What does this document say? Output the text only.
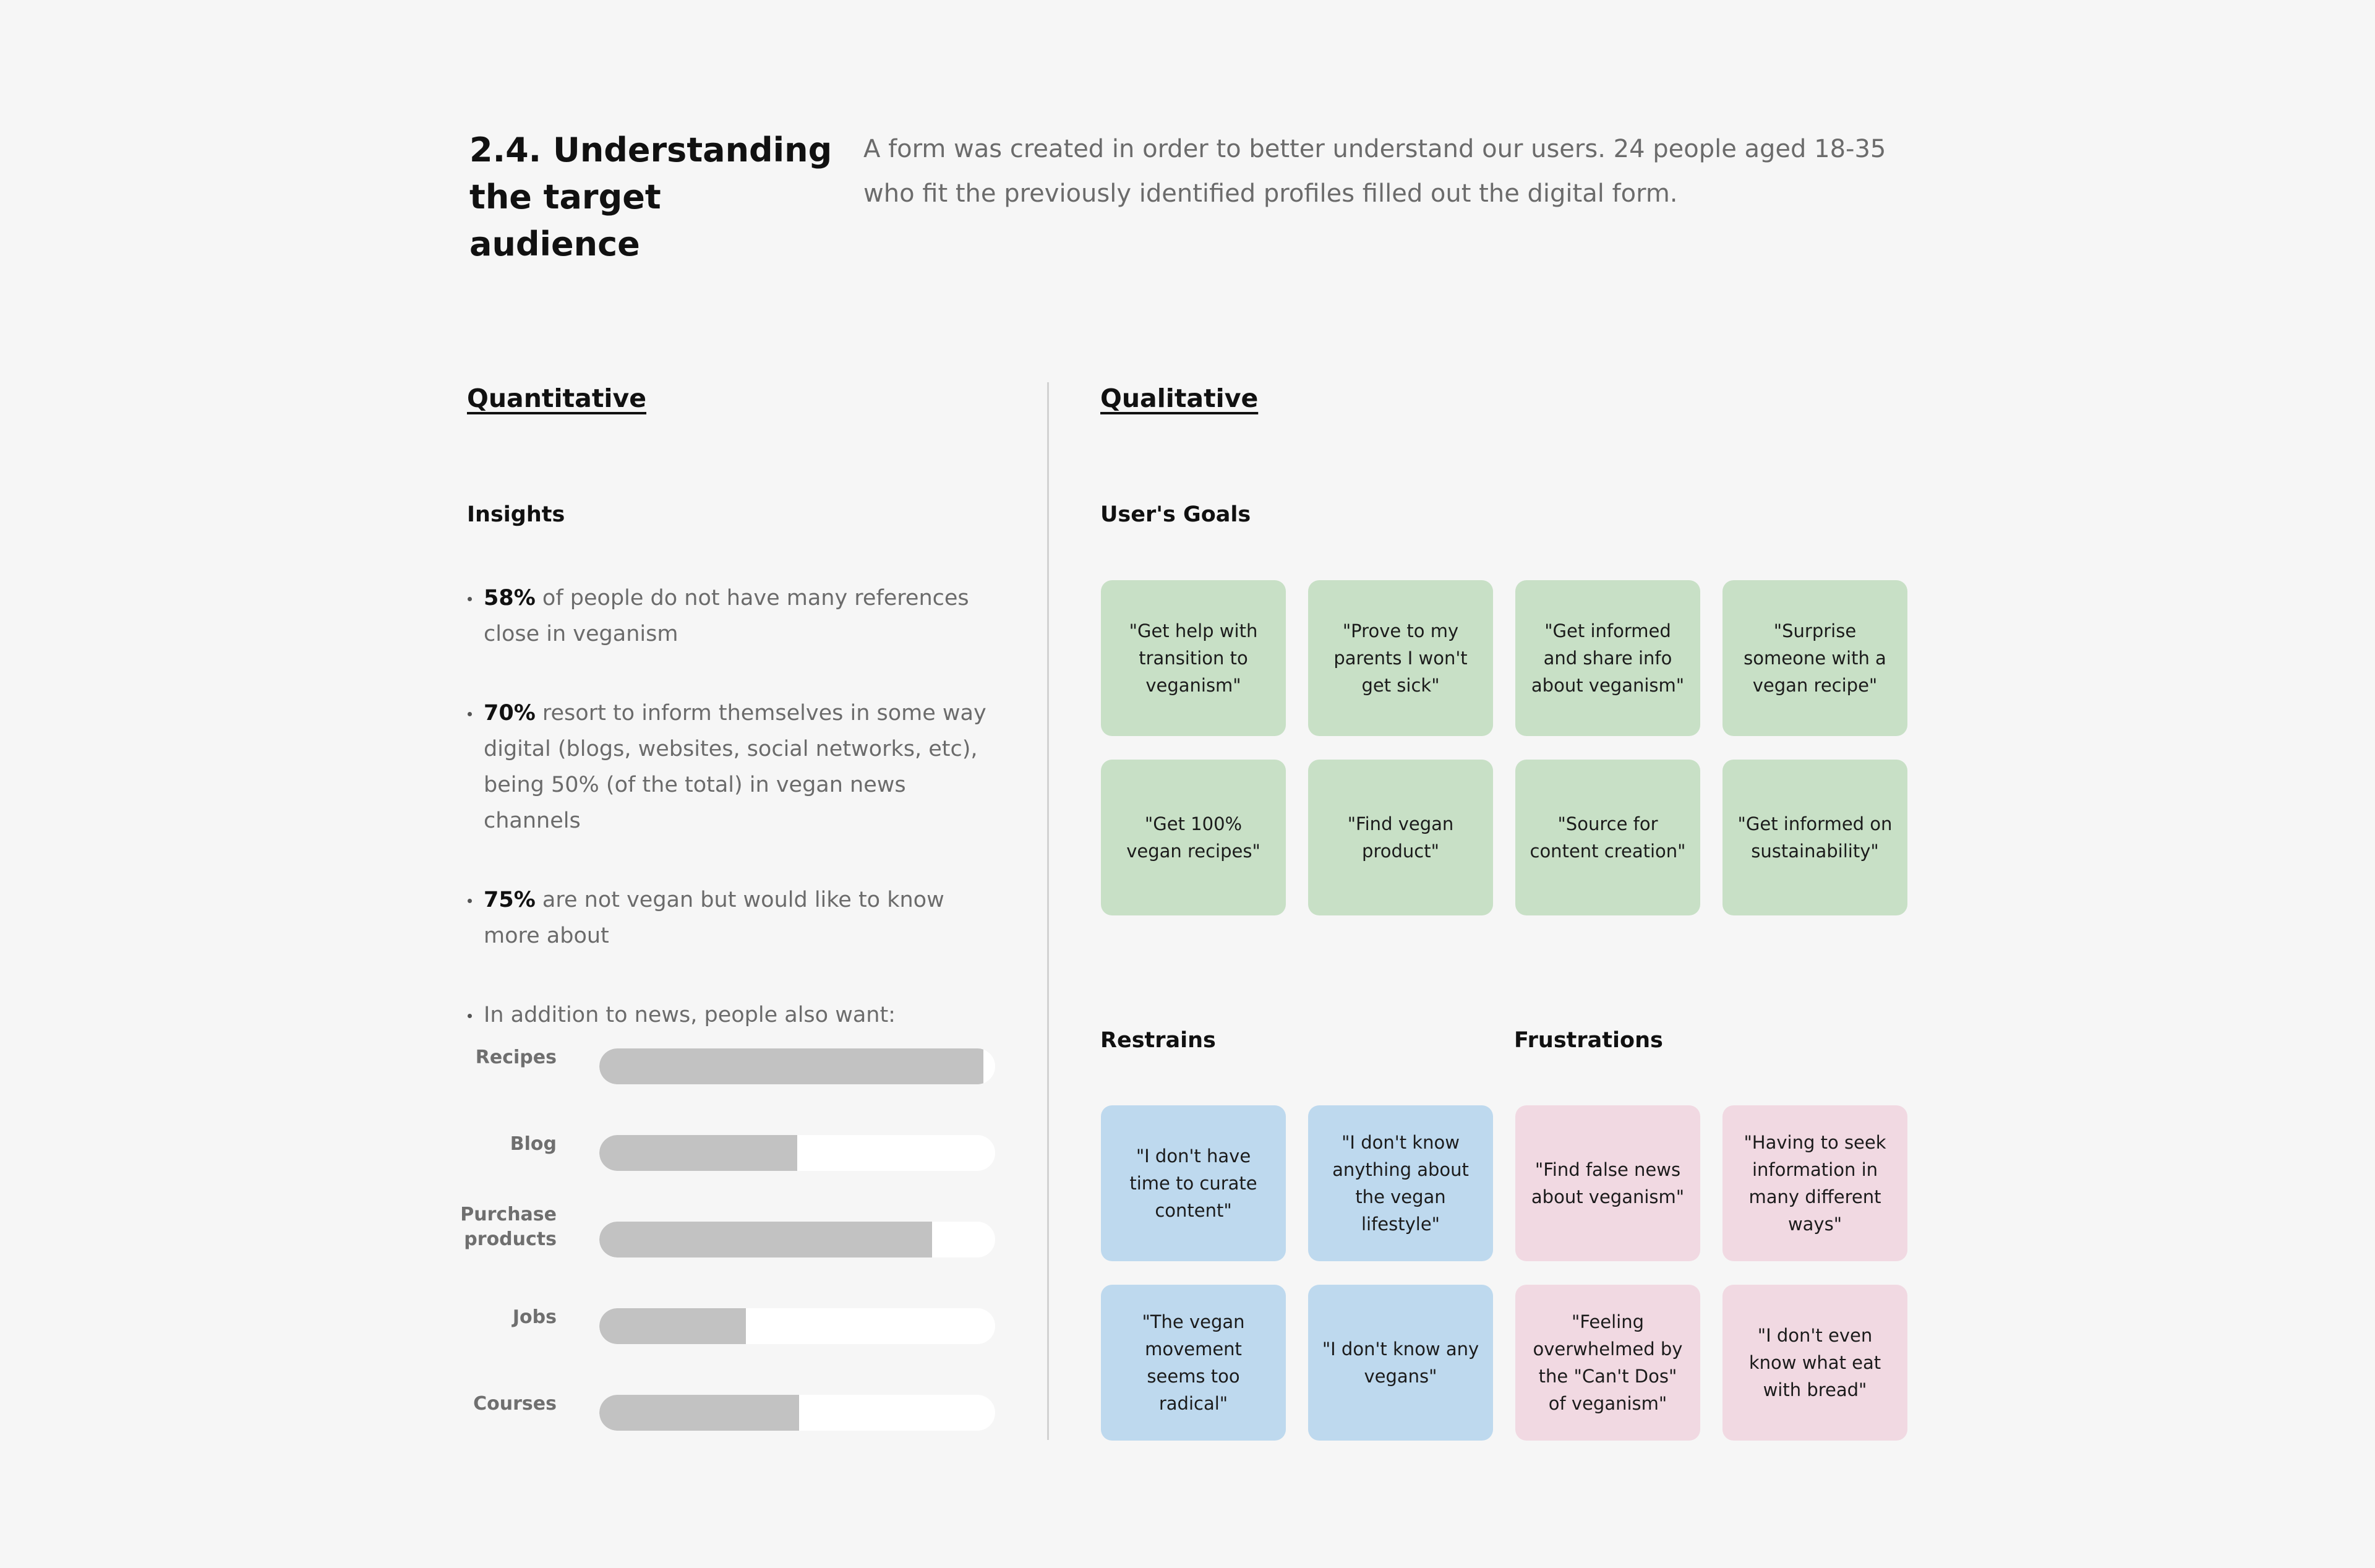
2.4. Understanding the target audience

A form was created in order to better understand our users. 24 people aged 18-35 who fit the previously identified profiles filled out the digital form.

Quantitative
Insights
58% of people do not have many references close in veganism
70% resort to inform themselves in some way digital (blogs, websites, social networks, etc), being 50% (of the total) in vegan news channels
75% are not vegan but would like to know more about
In addition to news, people also want:
Recipes
Blog
Purchase products
Jobs
Courses
Qualitative
User's Goals
"Get help with transition to veganism"
"Prove to my parents I won't get sick"
"Get informed and share info about veganism"
"Surprise someone with a vegan recipe"
"Get 100% vegan recipes"
"Find vegan product"
"Source for content creation"
"Get informed on sustainability"
Restrains	Frustrations
"I don't have time to curate content"
"I don't know anything about the vegan lifestyle"
"The vegan movement seems too radical"
"I don't know any vegans"
"Find false news about veganism"
"Having to seek information in many different ways"
"Feeling overwhelmed by the "Can't Dos" of veganism"
"I don't even know what eat with bread"
